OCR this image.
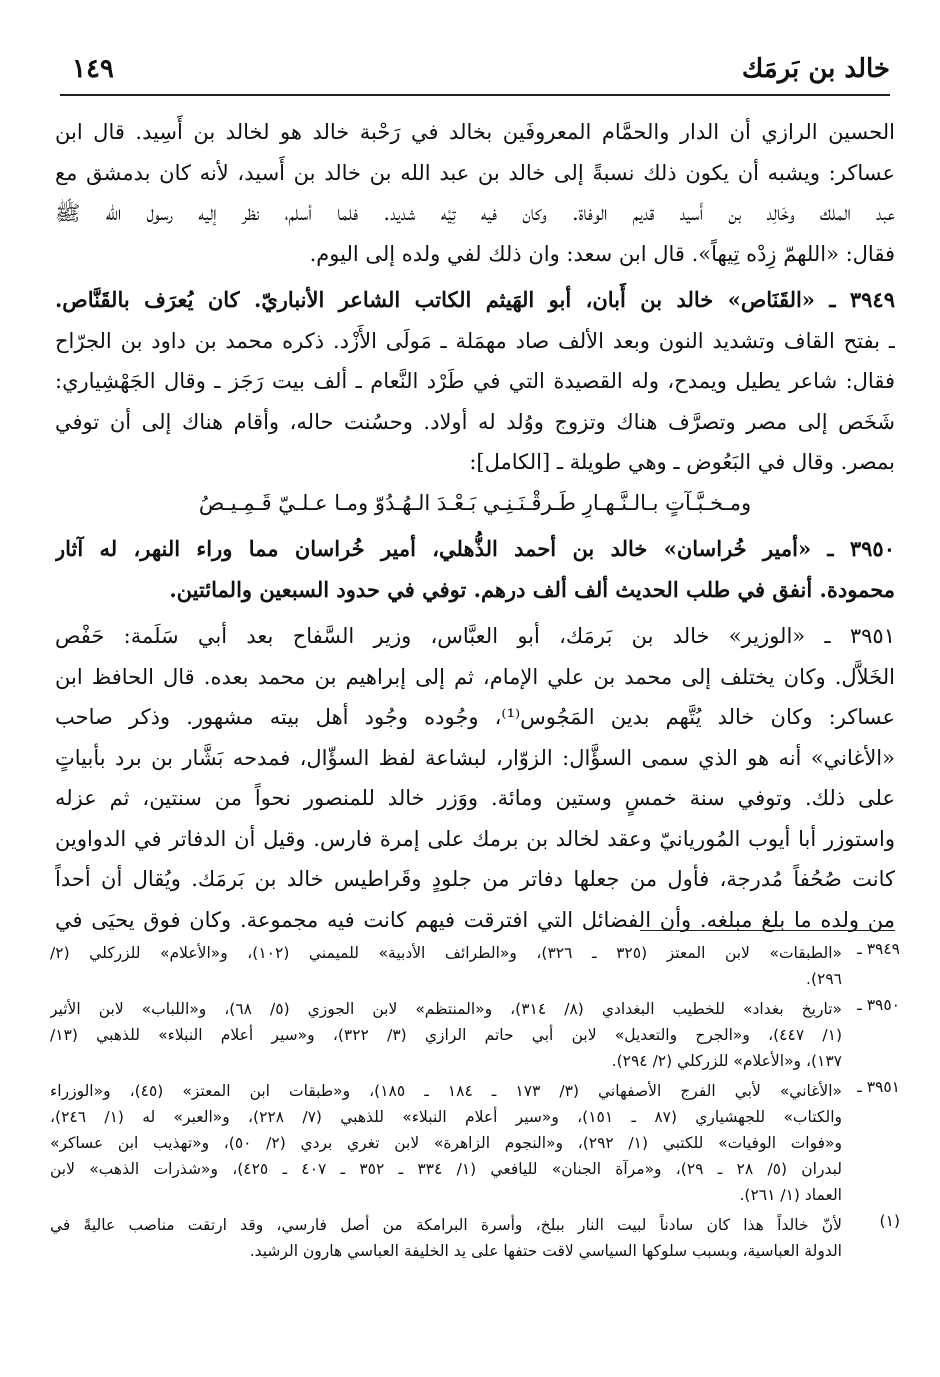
خالد بن بَرمَك
١٤٩
الحسين الرازي أن الدار والحمَّام المعروفَين بخالد في رَحْبة خالد هو لخالد بن أَسِيد. قال ابن
عساكر: ويشبه أن يكون ذلك نسبةً إلى خالد بن عبد الله بن خالد بن أَسيد، لأنه كان بدمشق مع
عبد الملك وخَالِد بن أَسيد قديم الوفاة. وكان فيه تِيْه شديد. فلما أسلم، نظر إليه رسول الله ﷺ
فقال: «اللهمّ زِدْه تِيهاً». قال ابن سعد: وان ذلك لفي ولده إلى اليوم.
٣٩٤٩ ـ «القَنَاص» خالد بن أَبان، أبو الهَيثم الكاتب الشاعر الأنباريّ. كان يُعرَف بالقَنَّاص.
ـ بفتح القاف وتشديد النون وبعد الألف صاد مهمَلة ـ مَولَى الأَزْد. ذكره محمد بن داود بن الجرّاح
فقال: شاعر يطيل ويمدح، وله القصيدة التي في طَرْد النَّعام ـ ألف بيت رَجَز ـ وقال الجَهْشِياري:
شَخَص إلى مصر وتصرَّف هناك وتزوج ووُلد له أولاد. وحسُنت حاله، وأقام هناك إلى أن توفي
بمصر. وقال في البَعُوض ـ وهي طويلة ـ [الكامل]:
ومـخـبَّـآتٍ بـالـنَّـهـارِ طَـرقْـنَـنِـي بَـعْـدَ الـهُـدُوّ ومـا عـلـيّ قَـمِـيـصُ
٣٩٥٠ ـ «أمير خُراسان» خالد بن أحمد الذُّهلي، أمير خُراسان مما وراء النهر، له آثار
محمودة. أنفق في طلب الحديث ألف ألف درهم. توفي في حدود السبعين والمائتين.
٣٩٥١ ـ «الوزير» خالد بن بَرمَك، أبو العبَّاس، وزير السَّفاح بعد أبي سَلَمة: حَفْص
الخَلاَّل. وكان يختلف إلى محمد بن علي الإمام، ثم إلى إبراهيم بن محمد بعده. قال الحافظ ابن
عساكر: وكان خالد يُتَّهم بدين المَجُوس⁽¹⁾، وجُوده وجُود أهل بيته مشهور. وذكر صاحب
«الأغاني» أنه هو الذي سمى السؤَّال: الزوّار، لبشاعة لفظ السؤّال، فمدحه بَشَّار بن برد بأبياتٍ
على ذلك. وتوفي سنة خمسٍ وستين ومائة. ووَزر خالد للمنصور نحواً من سنتين، ثم عزله
واستوزر أبا أيوب المُوريانيّ وعقد لخالد بن برمك على إمرة فارس. وقيل أن الدفاتر في الدواوين
كانت صُحُفاً مُدرجة، فأول من جعلها دفاتر من جلودٍ وقَراطيس خالد بن بَرمَك. ويُقال أن أحداً
من ولده ما بلغ مبلغه. وأن الفضائل التي افترقت فيهم كانت فيه مجموعة. وكان فوق يحيَى في
٣٩٤٩ ـ
«الطبقات» لابن المعتز (٣٢٥ ـ ٣٢٦)، و«الطرائف الأدبية» للميمني (١٠٢)، و«الأعلام» للزركلي (٢/
٢٩٦).
٣٩٥٠ ـ
«تاريخ بغداد» للخطيب البغدادي (٨/ ٣١٤)، و«المنتظم» لابن الجوزي (٥/ ٦٨)، و«اللباب» لابن الأثير
(١/ ٤٤٧)، و«الجرح والتعديل» لابن أبي حاتم الرازي (٣/ ٣٢٢)، و«سير أعلام النبلاء» للذهبي (١٣/
١٣٧)، و«الأعلام» للزركلي (٢/ ٢٩٤).
٣٩٥١ ـ
«الأغاني» لأبي الفرج الأصفهاني (٣/ ١٧٣ ـ ١٨٤ ـ ١٨٥)، و«طبقات ابن المعتز» (٤٥)، و«الوزراء
والكتاب» للجهشياري (٨٧ ـ ١٥١)، و«سير أعلام النبلاء» للذهبي (٧/ ٢٢٨)، و«العبر» له (١/ ٢٤٦)،
و«فوات الوفيات» للكتبي (١/ ٢٩٢)، و«النجوم الزاهرة» لابن تغري بردي (٢/ ٥٠)، و«تهذيب ابن عساكر»
لبدران (٥/ ٢٨ ـ ٢٩)، و«مرآة الجنان» لليافعي (١/ ٣٣٤ ـ ٣٥٢ ـ ٤٠٧ ـ ٤٢٥)، و«شذرات الذهب» لابن
العماد (١/ ٢٦١).
(١)
لأنّ خالداً هذا كان سادناً لبيت النار ببلخ، وأسرة البرامكة من أصل فارسي، وقد ارتقت مناصب عاليةً في
الدولة العباسية، وبسبب سلوكها السياسي لاقت حتفها على يد الخليفة العباسي هارون الرشيد.
